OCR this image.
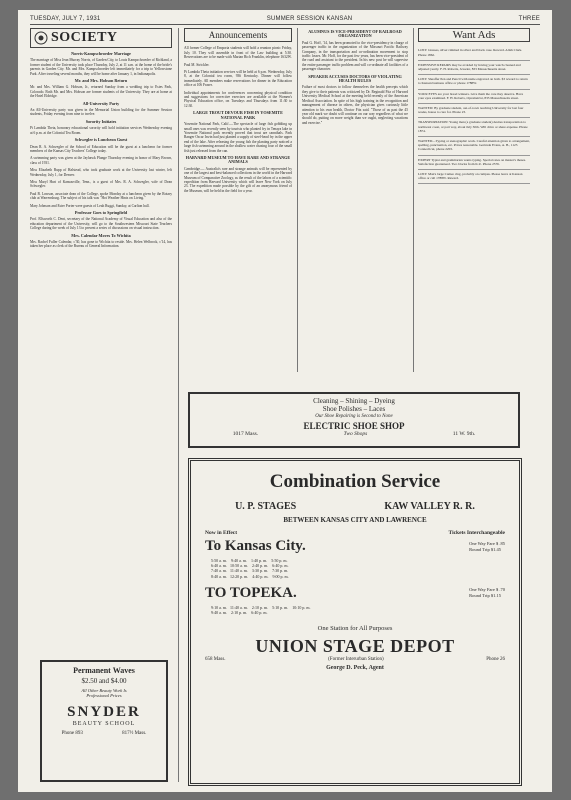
TUESDAY, JULY 7, 1931	SUMMER SESSION KANSAN	THREE
SOCIETY
Norris-Kampschroeder Marriage

The marriage of Miss Jean Murray Norris, of Garden City, to Louis Kampschroeder of Richland, a former student of the University took place Thursday, July 2, at 11 a.m. at the home of the bride's parents in Garden City. Mr. and Mrs. Kampschroeder left immediately for a trip to Yellowstone Park. After traveling several months, they will be home after January 1, in Indianapolis.

Mr. and Mrs. Hobson Return

Mr. and Mrs. William G. Hobson, Jr., returned Sunday from a wedding trip to Estes Park, Colorado. Both Mr. and Mrs. Hobson are former students of the University. They are at home at the Hotel Eldridge.

All-University Party

An All-University party was given in the Memorial Union building for the Summer Session students, Friday evening from nine to twelve.

Sorority Initiates

Pi Lambda Theta, honorary educational sorority will hold initiation services Wednesday evening at 6 p.m. at the Colonial Tea Room.

Schwegler is Luncheon Guest

Dean R. A. Schwegler of the School of Education will be the guest at a luncheon for former members of the Kansas City Teachers' College today.

A swimming party was given at the Jayhawk Plunge Thursday evening in honor of Mary Brown, class of 1931.

Miss Elizabeth Rupp of Halstead, who took graduate work at the University last winter, left Wednesday, July 1, for Denver.

Miss Maryl Hurt of Kansasville, Tenn., is a guest of Mrs. R. A. Schwegler, wife of Dean Schwegler.

Paul B. Lawson, associate dean of the College, spoke Monday at a luncheon given by the Rotary club at Warrensburg. The subject of his talk was "Hot Weather Hints on Living."

Mary Johnson and Ester Porter were guests of Leah Ruggi, Sunday, at Carlton hall.

Professor Goes to Springfield

Prof. Ellsworth C. Dent, secretary of the National Academy of Visual Education and also of the education department of the University, will go to the Southwestern Missouri State Teachers College during the week of July 13 to present a series of discussions on visual instruction.

Mrs. Calendar Moves To Wichita

Mrs. Rachel Fuller Calendar, c'30, has gone to Wichita to reside. Mrs. Helen Welbrock, c'14, has taken her place as clerk of the Bureau of General Information.

Permanent Waves
$2.50 and $4.00
All Other Beauty Work Is
Professional Prices
SNYDER
BEAUTY SCHOOL
Phone 893	817½ Mass.
Announcements

All former College of Emporia students will hold a reunion picnic Friday, July 10. They will assemble in front of the Law building at 5:30. Reservations are to be made with Marian Rich Franklin, telephone 1632W.

Paul M. Strickler.

Pi Lambda Theta initiation services will be held at 6 p.m. Wednesday, July 8, at the Colonial tea room, 936 Kentucky. Dinner will follow immediately. All members make reservations for dinner in the Education office at 106 Fraser.

Individual appointments for conferences concerning physical condition and suggestions for corrective exercises are available at the Women's Physical Education office, on Tuesdays and Thursdays from 11:30 to 12:30.

LARGE TROUT DEVOUR FISH IN YOSEMITE NATIONAL PARK

Yosemite National Park, Calif.—The spectacle of large fish gobbling up small ones was recently seen by tourists who planted fry in Tenaya lake in Yosemite National park recently proved that trout are cannibals. Park Ranger Oscar Irwin had just planted a supply of steel-head fry in the upper end of the lake. After releasing the young fish the planting party noticed a large fish swimming around in the shallow water chasing four of the small fish just released from the can.

HARVARD MUSEUM TO HAVE RARE AND STRANGE ANIMALS

Cambridge.— Australia's rare and strange animals will be represented by one of the largest and best-balanced collections in the world in the Harvard Museum of Comparative Zoology, as the result of the labors of a scientific expedition from Harvard University which will leave New York on July 23. The expedition made possible by the gift of an anonymous friend of the Museum, will be held in the field for a year.

ALUMNUS IS VICE-PRESIDENT OF RAILROAD ORGANIZATION

Paul G. Hoff, '14, has been promoted to the vice-presidency in charge of passenger traffic in the organization of the Missouri Pacific Railway Company, in the transportation and co-ordination movement to stop traffic losses. Mr. Hoff, for the past few years, has been vice-president of the road and assistant to the president. In his new post he will supervise the entire passenger traffic problem and will co-ordinate all facilities of a passenger character.

SPEAKER ACCUSES DOCTORS OF VIOLATING HEALTH RULES

Failure of most doctors to follow themselves the health precepts which they give to their patients was criticized by Dr. Reginald Fitz of Harvard University Medical School at the meeting held recently of the American Medical Association. In spite of his high training in the recognition and management of disease in others, the physician gives curiously little attention to his own health, Doctor Fitz said. "Those of us past the 45 year old mark we doubt will continue on our way regardless of what we should do, putting on more weight than we ought, neglecting vacations and exercise."

Want Ads
LOST: Glasses, silver rimmed in silver and black case. Reward. Allah Clark. Phone 1862.
EXPENSIVE REPAIRS may be avoided by having your watch cleaned and adjusted yearly. F. H. Roberts, Jeweler, 833 Massachusetts street.
LOST: Sheaffer Pen and Pencil with name engraved on both. $3 reward to return to Kansan business office or phone 1788W.
YOUR EYES are your bread winners. Give them the care they deserve. Have your eyes examined. F. H. Roberts, Optometrist, 833 Massachusetts street.
WANTED: By graduate student, out-of-town teaching University for last four weeks, house to care for. Phone 23.
TRANSPORTATION: Young man (a graduate student) desires transportation to northwest coast, or part way, about July 30th. Will drive or share expense. Phone 1874.
WANTED—Typing or stenographic work. Careful attention given to arrangement, spelling, punctuation, etc. Prices reasonable. Gertrude Evans, A. B., 1123 Connecticut, phone 2203.
EXPERT Typist and grammarian wants typing. Special rates on master's theses. Satisfaction guaranteed. Two blocks from K.U. Phone 2576.
LOST: Man's large Cameo ring, probably on campus. Please leave at Kansan office or call 1788W. Reward.
Cleaning – Shining – Dyeing
Shoe Polishes – Laces
Our Shoe Repairing is Second to None
ELECTRIC SHOE SHOP
1017 Mass.	Two Shops	11 W. 9th.
Combination Service
U. P. STAGES	KAW VALLEY R. R.
BETWEEN KANSAS CITY AND LAWRENCE
Now in Effect	Tickets Interchangeable
To Kansas City.	One Way Fare $ .85
Round Trip $1.45
5:50 a. m.    9:40 a. m.    1:40 p. m.    5:50 p. m.
6:40 a. m.   10:50 a. m.    2:40 p. m.    6:40 p. m.
7:40 a. m.   11:40 a. m.    3:30 p. m.    7:30 p. m.
8:40 a. m.   12:20 p. m.    4:40 p. m.    9:00 p. m.
TO TOPEKA.	One Way Fare $ .70
Round Trip $1.15
9:10 a. m.   11:40 a. m.    2:10 p. m.    5:10 p. m.    10:10 p. m.
9:40 a. m.    2:10 p. m.    6:40 p. m.
One Station for All Purposes
UNION STAGE DEPOT
658 Mass.	(Former Interurban Station)	Phone 26
George D. Peck, Agent
